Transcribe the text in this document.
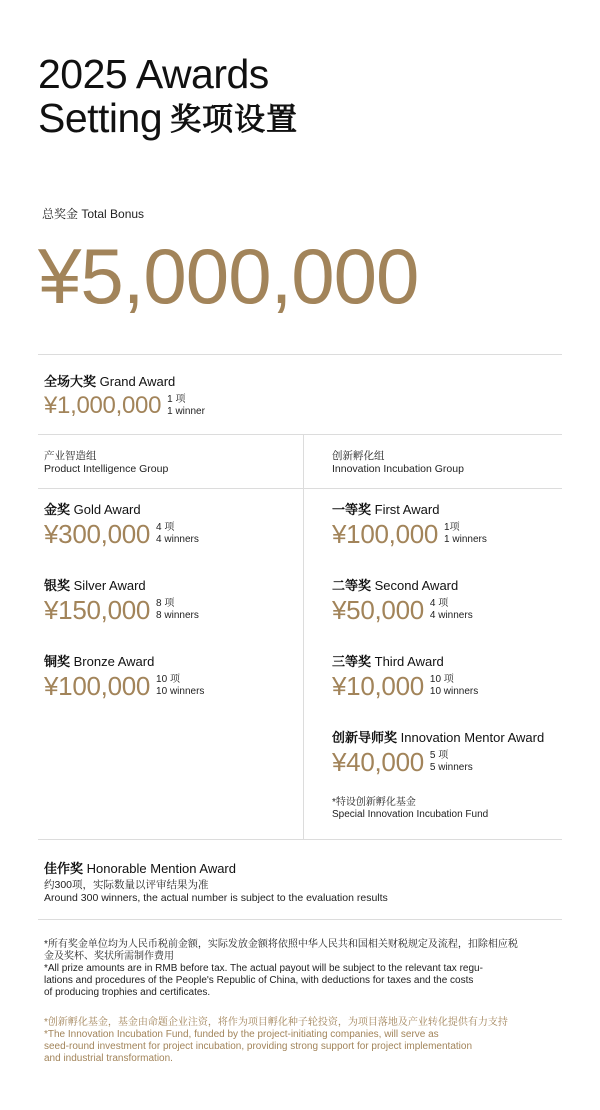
2025 Awards
Setting 奖项设置
总奖金 Total Bonus
¥5,000,000
全场大奖 Grand Award
¥1,000,000 1 项
1 winner
产业智造组
Product Intelligence Group
创新孵化组
Innovation Incubation Group
金奖 Gold Award
¥300,000 4 项
4 winners
银奖 Silver Award
¥150,000 8 项
8 winners
铜奖 Bronze Award
¥100,000 10 项
10 winners
一等奖 First Award
¥100,000 1项
1 winners
二等奖 Second Award
¥50,000 4 项
4 winners
三等奖 Third Award
¥10,000 10 项
10 winners
创新导师奖 Innovation Mentor Award
¥40,000 5 项
5 winners
*特设创新孵化基金
Special Innovation Incubation Fund
佳作奖 Honorable Mention Award
约300项，实际数量以评审结果为准
Around 300 winners, the actual number is subject to the evaluation results
*所有奖金单位均为人民币税前金额，实际发放金额将依照中华人民共和国相关财税规定及流程，扣除相应税
金及奖杯、奖状所需制作费用
*All prize amounts are in RMB before tax. The actual payout will be subject to the relevant tax regu-
lations and procedures of the People's Republic of China, with deductions for taxes and the costs
of producing trophies and certificates.
*创新孵化基金，基金由命题企业注资，将作为项目孵化种子轮投资，为项目落地及产业转化提供有力支持
*The Innovation Incubation Fund, funded by the project-initiating companies, will serve as
seed-round investment for project incubation, providing strong support for project implementation
and industrial transformation.
